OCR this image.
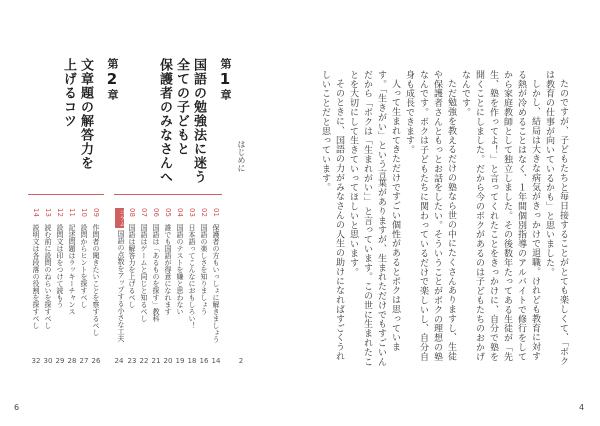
第2章
文章題の解答力を
上げるコツ	第1章
国語の勉強法に迷う
全ての子どもと
保護者のみなさんへ	はじめに
2
01　保護者の方もいっしょに解きましょう
02　国語の楽しさを知りましょう
03　日本語ってこんなにおもしろい！
04　国語のテストを嫌と思わない
05　誰でも国語が得意になれます
06　国語は「あるものを探す」教科
07　国語はゲームと同じと知るべし
08　国語は解答力を上げるべし
コラム国語の点数をアップする小さな工夫
09　作問者の聞きたいことを察するべし
10　設問からヒントを探すべし
11　記述問題はラッキーチャンス
12　設問文は印をつけて読もう
13　読む前に設問のねらいを探すべし
14　説明文は各段落の役割を探すべし
14
16
18
19
20
21
22
23
24
26
27
28
29
30
32
6

たのですが、子どもたちと毎日接することがとても楽しくて、「ボクは教育の仕事が向いているかも」と思いました。

しかし、結局は大きな病気がきっかけで退職。けれども教育に対する熱が冷めることはなく、１年間個別指導のアルバイトで修行をしてから家庭教師として独立しました。その後数年たってある生徒が「先生、塾を作ってよ！」と言ってくれたことをきっかけに、自分で塾を開くことにしました。だから今のボクがあるのは子どもたちのおかげなんです。

ただ勉強を教えるだけの塾なら世の中にたくさんありますし、生徒や保護者さんともっとお話をしたい。そういうことがボクの理想の塾なんです。ボクは子どもたちに関わっているだけで楽しいし、自分自身も成長できます。

人って生まれてきただけですごい個性があるとボクは思っています。「生きがい」という言葉がありますが、生まれただけでもすごいんだから「ボクは「生まれがい」」と言っています。この世に生まれたことを大切にして生きていってほしいと思います。

そのときに、国語の力がみなさんの人生の助けになればすごくうれしいことだと思っています。

4
